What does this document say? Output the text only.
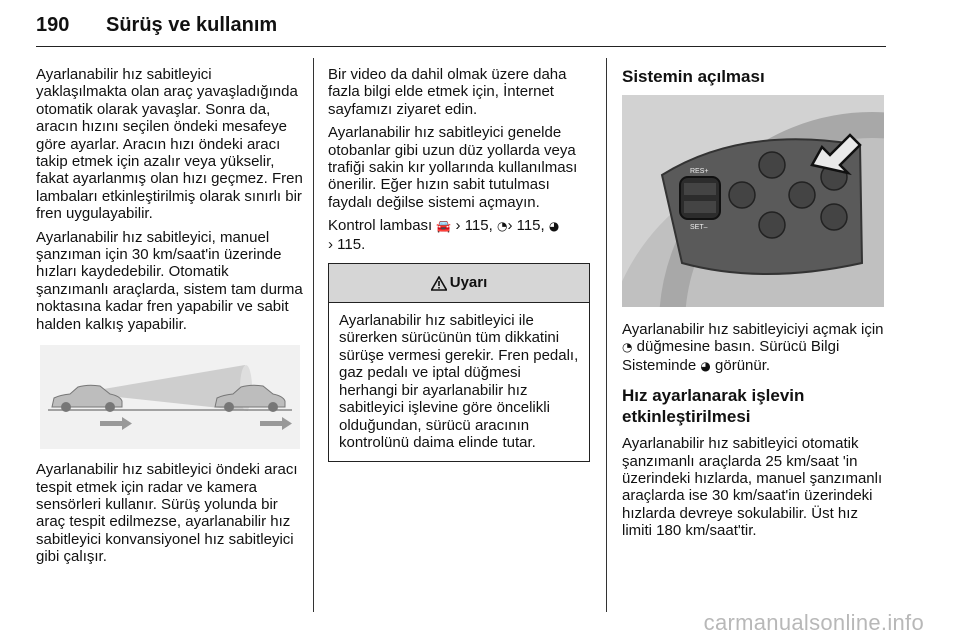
190 Sürüş ve kullanım

Ayarlanabilir hız sabitleyici yaklaşılmakta olan araç yavaşladığında otomatik olarak yavaşlar. Sonra da, aracın hızını seçilen öndeki mesafeye göre ayarlar. Aracın hızı öndeki aracı takip etmek için azalır veya yükselir, fakat ayarlanmış olan hızı geçmez. Fren lambaları etkinleştirilmiş olarak sınırlı bir fren uygulayabilir.

Ayarlanabilir hız sabitleyici, manuel şanzıman için 30 km/saat'in üzerinde hızları kaydedebilir. Otomatik şanzımanlı araçlarda, sistem tam durma noktasına kadar fren yapabilir ve sabit halden kalkış yapabilir.

Ayarlanabilir hız sabitleyici öndeki aracı tespit etmek için radar ve kamera sensörleri kullanır. Sürüş yolunda bir araç tespit edilmezse, ayarlanabilir hız sabitleyici konvansiyonel hız sabitleyici gibi çalışır.

Bir video da dahil olmak üzere daha fazla bilgi elde etmek için, İnternet sayfamızı ziyaret edin.

Ayarlanabilir hız sabitleyici genelde otobanlar gibi uzun düz yollarda veya trafiği sakin kır yollarında kullanılması önerilir. Eğer hızın sabit tutulması faydalı değilse sistemi açmayın.

Kontrol lambası 🚘 › 115, ◔› 115, ◕
› 115.

Uyarı
Ayarlanabilir hız sabitleyici ile sürerken sürücünün tüm dikkatini sürüşe vermesi gerekir. Fren pedalı, gaz pedalı ve iptal düğmesi herhangi bir ayarlanabilir hız sabitleyici işlevine göre öncelikli olduğundan, sürücü aracının kontrolünü daima elinde tutar.
Sistemin açılması
RES+
SET–

Ayarlanabilir hız sabitleyiciyi açmak için ◔ düğmesine basın. Sürücü Bilgi Sisteminde ◕ görünür.

Hız ayarlanarak işlevin etkinleştirilmesi

Ayarlanabilir hız sabitleyici otomatik şanzımanlı araçlarda 25 km/saat 'in üzerindeki hızlarda, manuel şanzımanlı araçlarda ise 30 km/saat'in üzerindeki hızlarda devreye sokulabilir. Üst hız limiti 180 km/saat'tir.

carmanualsonline.info
